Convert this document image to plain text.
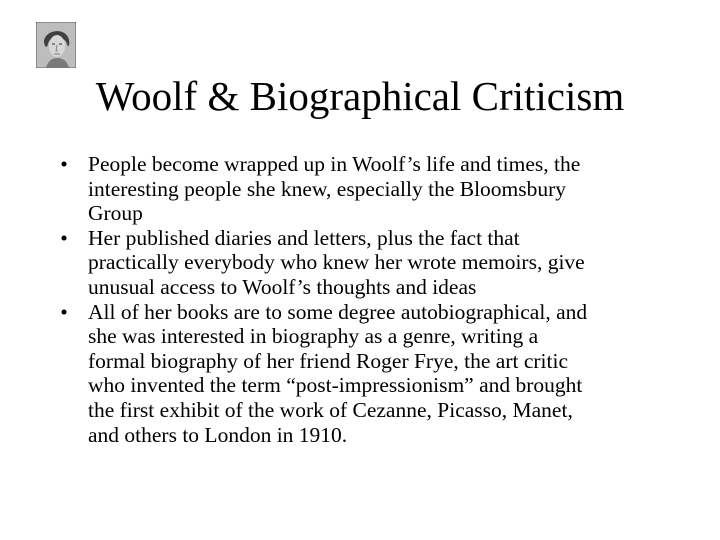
Woolf & Biographical Criticism
• People become wrapped up in Woolf’s life and times, the
interesting people she knew, especially the Bloomsbury
Group
• Her published diaries and letters, plus the fact that
practically everybody who knew her wrote memoirs, give
unusual access to Woolf’s thoughts and ideas
• All of her books are to some degree autobiographical, and
she was interested in biography as a genre, writing a
formal biography of her friend Roger Frye, the art critic
who invented the term “post-impressionism” and brought
the first exhibit of the work of Cezanne, Picasso, Manet,
and others to London in 1910.
